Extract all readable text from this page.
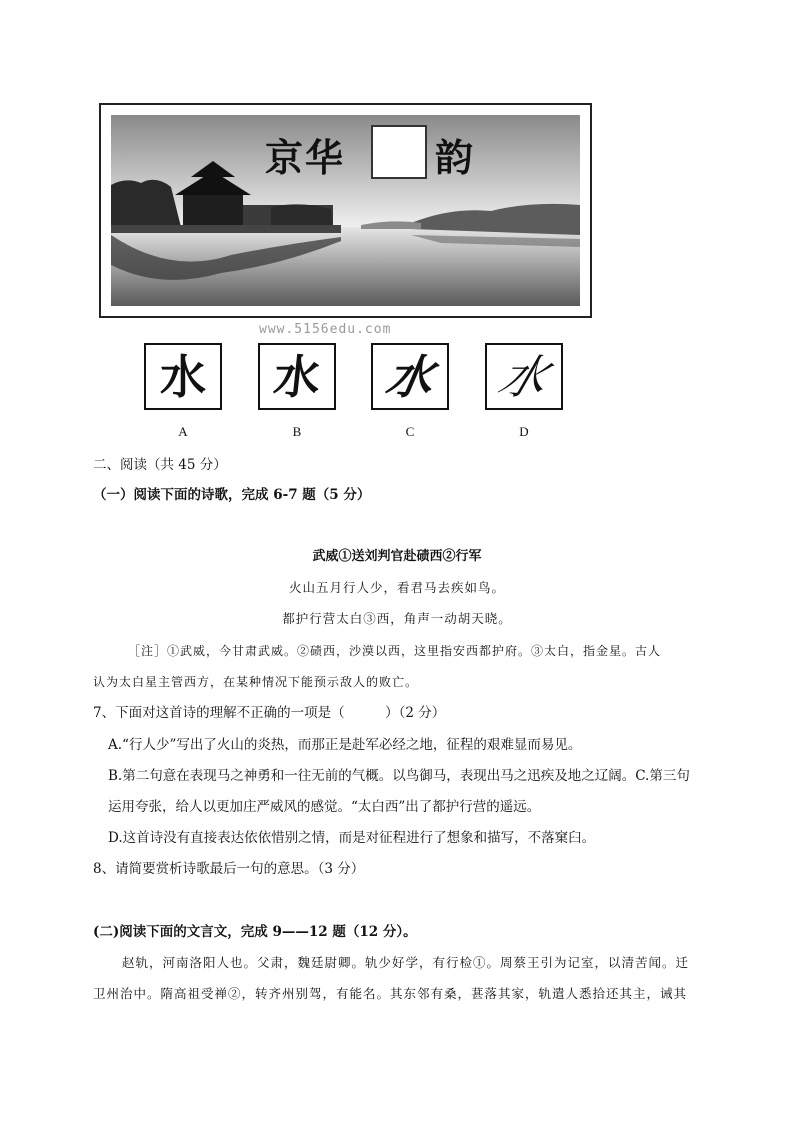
京华 韵
www.5156edu.com
水 水 水 水
A	B	C	D
二、阅读（共 45 分）
（一）阅读下面的诗歌，完成 6-7 题（5 分）
武威①送刘判官赴碛西②行军
火山五月行人少，看君马去疾如鸟。
都护行营太白③西，角声一动胡天晓。
［注］①武威，今甘肃武威。②碛西，沙漠以西，这里指安西都护府。③太白，指金星。古人
认为太白星主管西方，在某种情况下能预示敌人的败亡。
7、下面对这首诗的理解不正确的一项是（　　　）（2 分）
A.“行人少”写出了火山的炎热，而那正是赴军必经之地，征程的艰难显而易见。
B.第二句意在表现马之神勇和一往无前的气概。以鸟御马，表现出马之迅疾及地之辽阔。C.第三句
运用夸张，给人以更加庄严威风的感觉。“太白西”出了都护行营的遥远。
D.这首诗没有直接表达依依惜别之情，而是对征程进行了想象和描写，不落窠臼。
8、请简要赏析诗歌最后一句的意思。（3 分）
(二)阅读下面的文言文，完成 9——12 题（12 分）。
赵轨，河南洛阳人也。父肃，魏廷尉卿。轨少好学，有行检①。周蔡王引为记室，以清苦闻。迁
卫州治中。隋高祖受禅②，转齐州别驾，有能名。其东邻有桑，葚落其家，轨遣人悉拾还其主，诫其
